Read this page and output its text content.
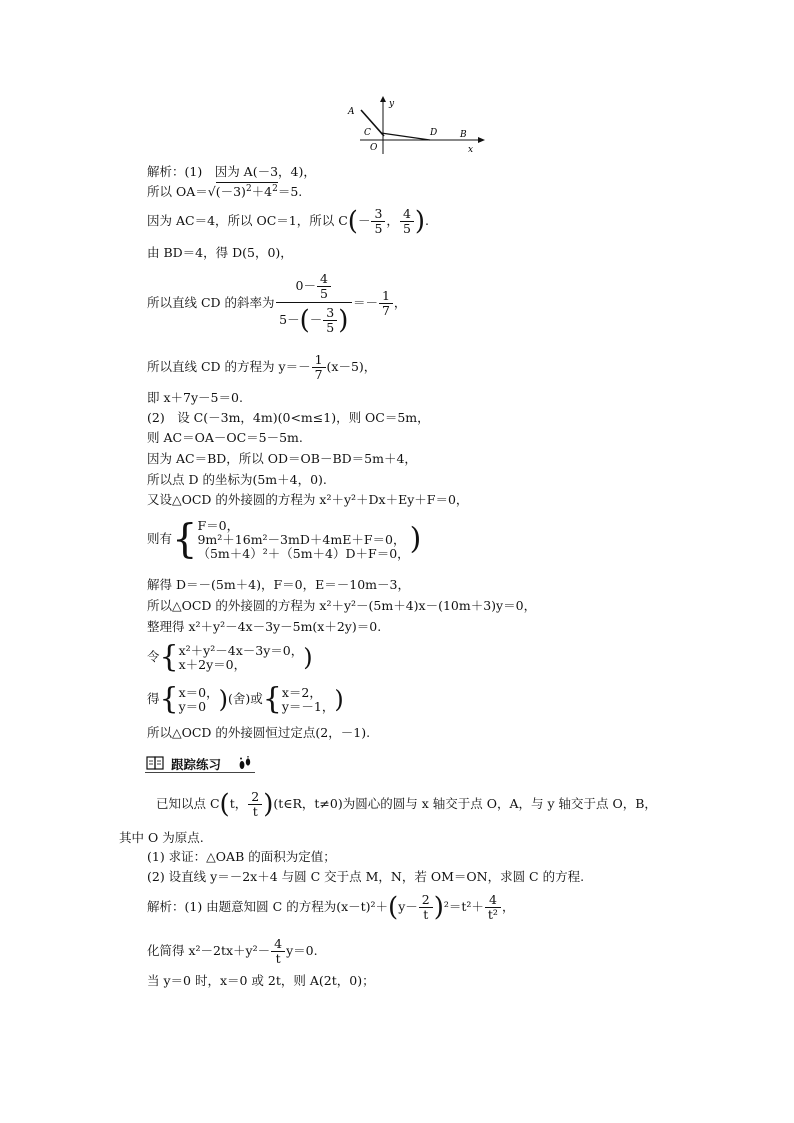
A
y
C	D	B
O	x
解析：(1)　因为 A(－3，4)，
所以 $OA=√(-3)^2+4^2=5$.
因为 AC＝4，所以 OC＝1，所以 $C(- \frac{3}{5}$ ， $\frac{4}{5}$ ).
由 BD＝4，得 D(5，0)，
所以直线 CD 的斜率为 $\frac{0- \frac{4}{5}}{5-(- \frac{3}{5} )} =- \frac{1}{7}$ ，
所以直线 CD 的方程为 $y=- \frac{1}{7} (x-5)$，
即 x＋7y－5＝0.
(2)　设 C(－3m，4m)(0<m≤1)，则 OC＝5m，
则 AC＝OA－OC＝5－5m.
因为 AC＝BD，所以 OD＝OB－BD＝5m＋4，
所以点 D 的坐标为(5m＋4，0).
又设△OCD 的外接圆的方程为 x²＋y²＋Dx＋Ey＋F＝0，
则有{ F＝0，
9m²＋16m²－3mD＋4mE＋F＝0，
（5m＋4）²＋（5m＋4）D＋F＝0， )
解得 D＝－(5m＋4)，F＝0，E＝－10m－3，
所以△OCD 的外接圆的方程为 x²＋y²－(5m＋4)x－(10m＋3)y＝0，
整理得 x²＋y²－4x－3y－5m(x＋2y)＝0.
令{ x²＋y²－4x－3y＝0，
x＋2y＝0，	)
得{ x＝0，
y＝0 )(舍)或{ x＝2，
y＝－1， )
所以△OCD 的外接圆恒过定点(2，－1).
跟踪练习
已知以点 C(t， $\frac{2}{t}$ )(t∈R，t≠0)为圆心的圆与 x 轴交于点 O，A，与 y 轴交于点 O，B，
其中 O 为原点.
(1) 求证：△OAB 的面积为定值；
(2) 设直线 y＝－2x＋4 与圆 C 交于点 M，N，若 OM＝ON，求圆 C 的方程.
解析：(1) 由题意知圆 C 的方程为$(x-t)^2+(y- \frac{2}{t} )^2=t^2+ \frac{4}{\text{t²}}$ ，
化简得 $x^2-2tx+y^2- \frac{4}{t} y=0$.
当 y＝0 时，x＝0 或 2t，则 A(2t，0)；
